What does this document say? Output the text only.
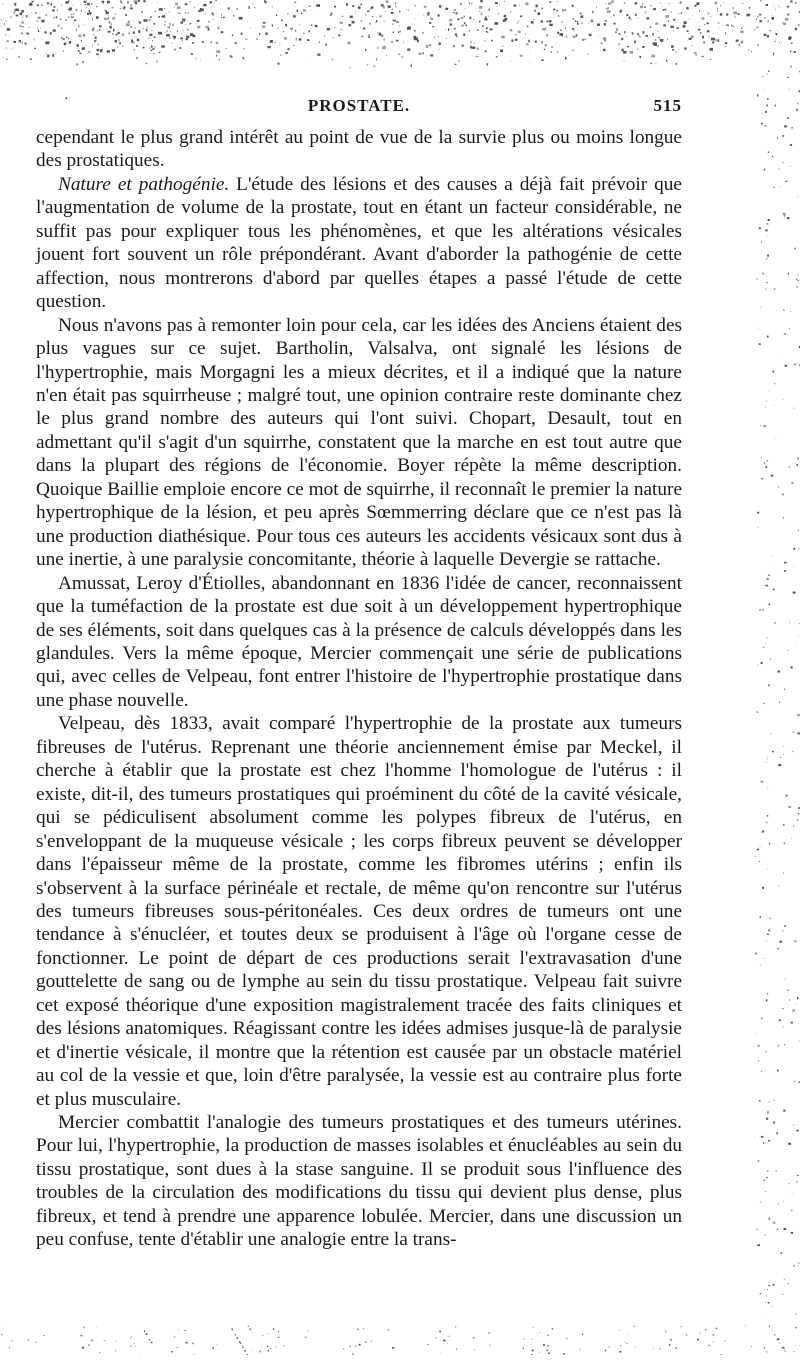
·	PROSTATE.	515

cependant le plus grand intérêt au point de vue de la survie plus ou moins longue des prostatiques.

Nature et pathogénie. L'étude des lésions et des causes a déjà fait prévoir que l'augmentation de volume de la prostate, tout en étant un facteur considérable, ne suffit pas pour expliquer tous les phénomènes, et que les altérations vésicales jouent fort souvent un rôle prépondérant. Avant d'aborder la pathogénie de cette affection, nous montrerons d'abord par quelles étapes a passé l'étude de cette question.

Nous n'avons pas à remonter loin pour cela, car les idées des Anciens étaient des plus vagues sur ce sujet. Bartholin, Valsalva, ont signalé les lésions de l'hypertrophie, mais Morgagni les a mieux décrites, et il a indiqué que la nature n'en était pas squirrheuse ; malgré tout, une opinion contraire reste dominante chez le plus grand nombre des auteurs qui l'ont suivi. Chopart, Desault, tout en admettant qu'il s'agit d'un squirrhe, constatent que la marche en est tout autre que dans la plupart des régions de l'économie. Boyer répète la même description. Quoique Baillie emploie encore ce mot de squirrhe, il reconnaît le premier la nature hypertrophique de la lésion, et peu après Sœmmerring déclare que ce n'est pas là une production diathésique. Pour tous ces auteurs les accidents vésicaux sont dus à une inertie, à une paralysie concomitante, théorie à laquelle Devergie se rattache.

Amussat, Leroy d'Étiolles, abandonnant en 1836 l'idée de cancer, reconnaissent que la tuméfaction de la prostate est due soit à un développement hypertrophique de ses éléments, soit dans quelques cas à la présence de calculs développés dans les glandules. Vers la même époque, Mercier commençait une série de publications qui, avec celles de Velpeau, font entrer l'histoire de l'hypertrophie prostatique dans une phase nouvelle.

Velpeau, dès 1833, avait comparé l'hypertrophie de la prostate aux tumeurs fibreuses de l'utérus. Reprenant une théorie anciennement émise par Meckel, il cherche à établir que la prostate est chez l'homme l'homologue de l'utérus : il existe, dit-il, des tumeurs prostatiques qui proéminent du côté de la cavité vésicale, qui se pédiculisent absolument comme les polypes fibreux de l'utérus, en s'enveloppant de la muqueuse vésicale ; les corps fibreux peuvent se développer dans l'épaisseur même de la prostate, comme les fibromes utérins ; enfin ils s'observent à la surface périnéale et rectale, de même qu'on rencontre sur l'utérus des tumeurs fibreuses sous-péritonéales. Ces deux ordres de tumeurs ont une tendance à s'énucléer, et toutes deux se produisent à l'âge où l'organe cesse de fonctionner. Le point de départ de ces productions serait l'extravasation d'une gouttelette de sang ou de lymphe au sein du tissu prostatique. Velpeau fait suivre cet exposé théorique d'une exposition magistralement tracée des faits cliniques et des lésions anatomiques. Réagissant contre les idées admises jusque-là de paralysie et d'inertie vésicale, il montre que la rétention est causée par un obstacle matériel au col de la vessie et que, loin d'être paralysée, la vessie est au contraire plus forte et plus musculaire.

Mercier combattit l'analogie des tumeurs prostatiques et des tumeurs utérines. Pour lui, l'hypertrophie, la production de masses isolables et énucléables au sein du tissu prostatique, sont dues à la stase sanguine. Il se produit sous l'influence des troubles de la circulation des modifications du tissu qui devient plus dense, plus fibreux, et tend à prendre une apparence lobulée. Mercier, dans une discussion un peu confuse, tente d'établir une analogie entre la trans-
